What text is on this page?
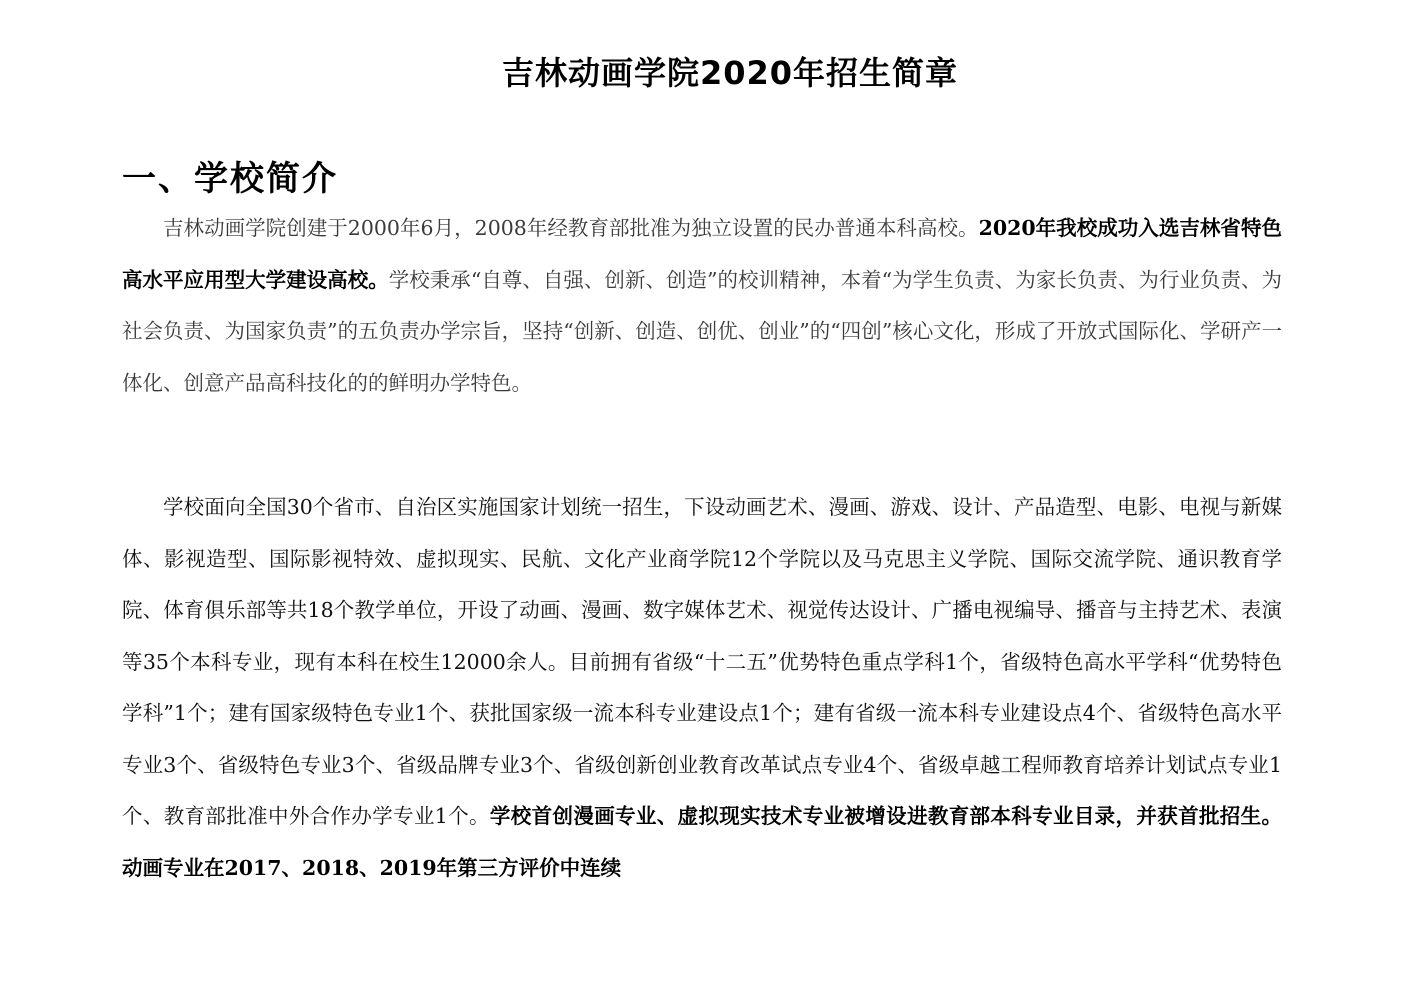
吉林动画学院2020年招生简章
一、学校简介

吉林动画学院创建于2000年6月，2008年经教育部批准为独立设置的民办普通本科高校。2020年我校成功入选吉林省特色高水平应用型大学建设高校。学校秉承“自尊、自强、创新、创造”的校训精神，本着“为学生负责、为家长负责、为行业负责、为社会负责、为国家负责”的五负责办学宗旨，坚持“创新、创造、创优、创业”的“四创”核心文化，形成了开放式国际化、学研产一体化、创意产品高科技化的的鲜明办学特色。

学校面向全国30个省市、自治区实施国家计划统一招生，下设动画艺术、漫画、游戏、设计、产品造型、电影、电视与新媒体、影视造型、国际影视特效、虚拟现实、民航、文化产业商学院12个学院以及马克思主义学院、国际交流学院、通识教育学院、体育俱乐部等共18个教学单位，开设了动画、漫画、数字媒体艺术、视觉传达设计、广播电视编导、播音与主持艺术、表演等35个本科专业，现有本科在校生12000余人。目前拥有省级“十二五”优势特色重点学科1个，省级特色高水平学科“优势特色学科”1个；建有国家级特色专业1个、获批国家级一流本科专业建设点1个；建有省级一流本科专业建设点4个、省级特色高水平专业3个、省级特色专业3个、省级品牌专业3个、省级创新创业教育改革试点专业4个、省级卓越工程师教育培养计划试点专业1个、教育部批准中外合作办学专业1个。学校首创漫画专业、虚拟现实技术专业被增设进教育部本科专业目录，并获首批招生。动画专业在2017、2018、2019年第三方评价中连续
